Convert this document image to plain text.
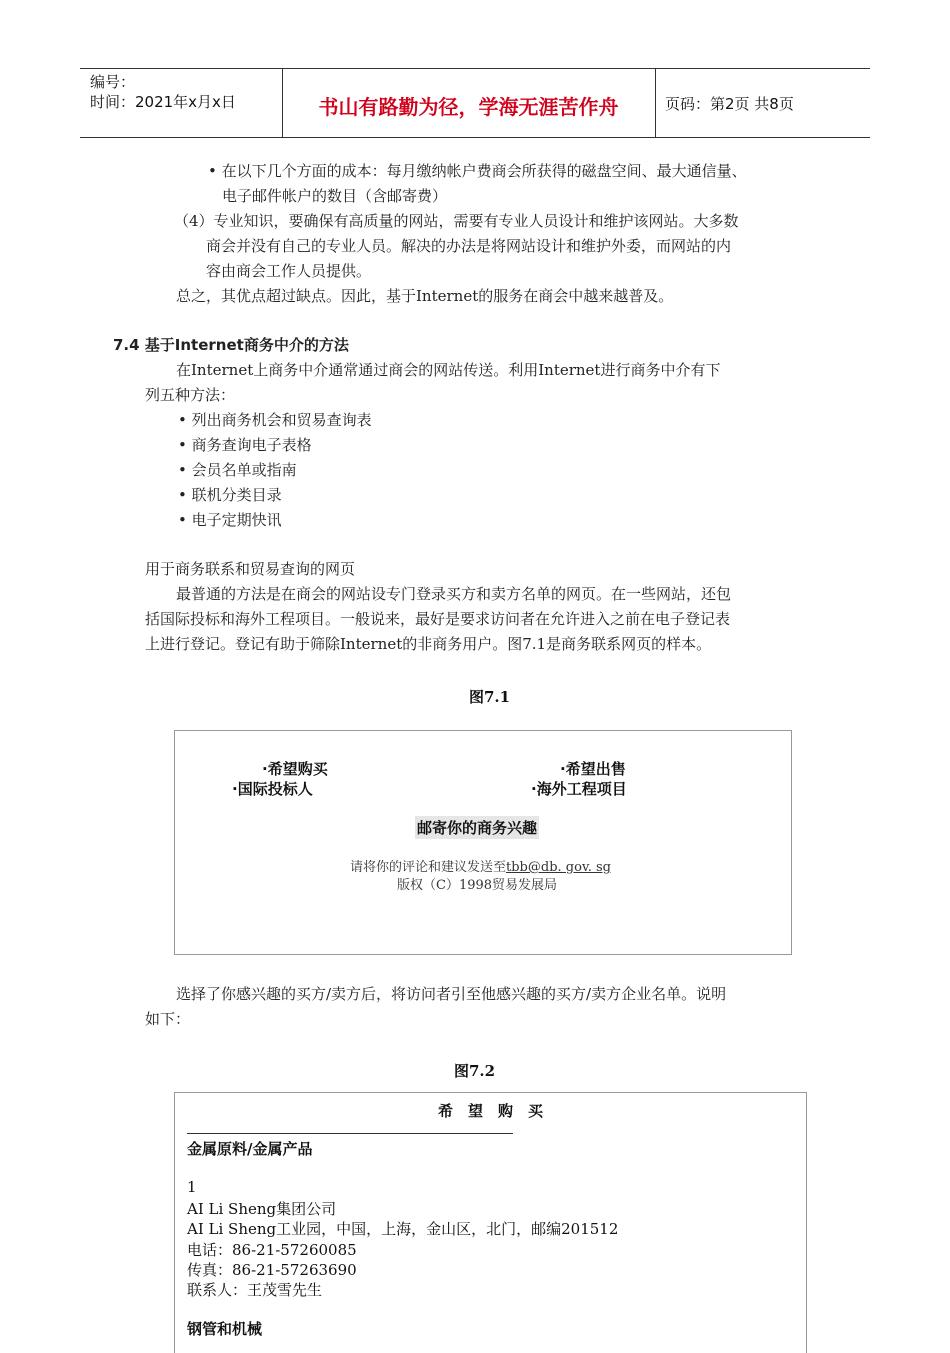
编号：
时间：2021年x月x日	书山有路勤为径，学海无涯苦作舟	页码：第2页 共8页
• 在以下几个方面的成本：每月缴纳帐户费商会所获得的磁盘空间、最大通信量、
电子邮件帐户的数目（含邮寄费）
（4）专业知识，要确保有高质量的网站，需要有专业人员设计和维护该网站。大多数
商会并没有自己的专业人员。解决的办法是将网站设计和维护外委，而网站的内
容由商会工作人员提供。
总之，其优点超过缺点。因此，基于Internet的服务在商会中越来越普及。
7.4 基于Internet商务中介的方法
在Internet上商务中介通常通过商会的网站传送。利用Internet进行商务中介有下
列五种方法：
• 列出商务机会和贸易查询表
• 商务查询电子表格
• 会员名单或指南
• 联机分类目录
• 电子定期快讯
用于商务联系和贸易查询的网页
最普通的方法是在商会的网站设专门登录买方和卖方名单的网页。在一些网站，还包
括国际投标和海外工程项目。一般说来，最好是要求访问者在允许进入之前在电子登记表
上进行登记。登记有助于筛除Internet的非商务用户。图7.1是商务联系网页的样本。
图7.1
·希望购买	·希望出售
·国际投标人	·海外工程项目
邮寄你的商务兴趣
请将你的评论和建议发送至tbb@db. gov. sg
版权（C）1998贸易发展局
选择了你感兴趣的买方/卖方后，将访问者引至他感兴趣的买方/卖方企业名单。说明
如下：
图7.2
希　望　购　买
金属原料/金属产品
1
AI Li Sheng集团公司
AI Li Sheng工业园，中国，上海，金山区，北门，邮编201512
电话：86-21-57260085
传真：86-21-57263690
联系人：王茂雪先生
钢管和机械
